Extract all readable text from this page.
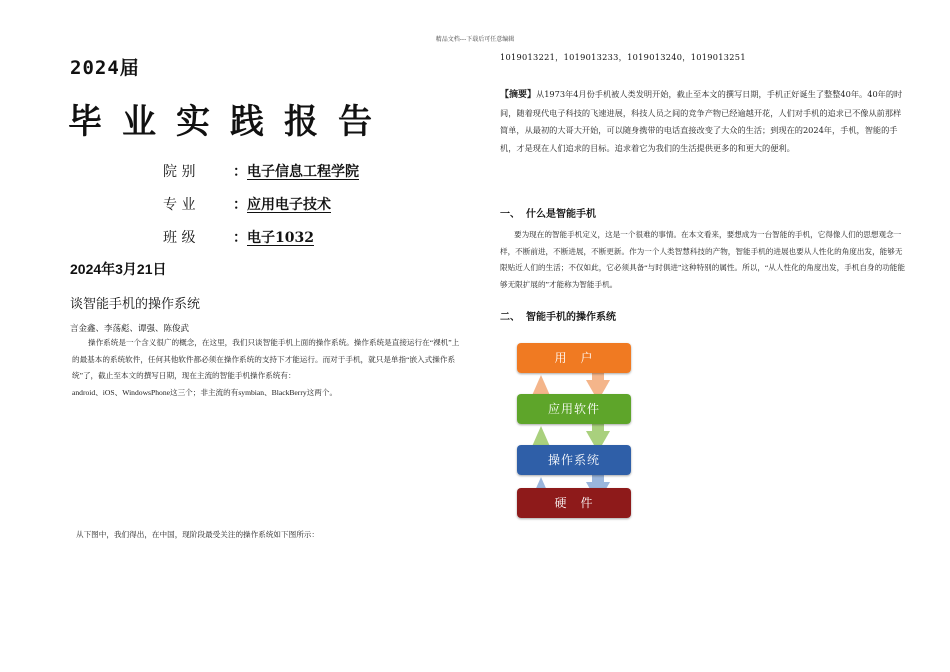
精品文档---下载后可任意编辑
2024届
毕业实践报告
院 别	：电子信息工程学院
专 业	：应用电子技术
班 级	：电子1032
2024年3月21日
谈智能手机的操作系统
言金鑫、李荡彪、谭强、陈俊武
操作系统是一个含义很广的概念，在这里，我们只谈智能手机上面的操作系统。操作系统是直接运行在“裸机”上的最基本的系统软件，任何其他软件都必须在操作系统的支持下才能运行。而对于手机，就只是单指“嵌入式操作系统”了，截止至本文的撰写日期，现在主流的智能手机操作系统有：
android、iOS、WindowsPhone这三个；非主流的有symbian、BlackBerry这两个。
从下图中，我们得出，在中国，现阶段最受关注的操作系统如下图所示：
1019013221，1019013233，1019013240，1019013251
【摘要】从1973年4月份手机被人类发明开始，截止至本文的撰写日期，手机正好诞生了整整40年。40年的时间，随着现代电子科技的飞速进展，科技人员之间的竞争产物已经逾越开花，人们对手机的追求已不像从前那样简单，从最初的大哥大开始，可以随身携带的电话直接改变了大众的生活；到现在的2024年，手机，智能的手机，才是现在人们追求的目标。追求着它为我们的生活提供更多的和更大的便利。
一、 什么是智能手机
要为现在的智能手机定义，这是一个很难的事情。在本文看来，要想成为一台智能的手机，它得像人们的思想观念一样，不断前进，不断进展，不断更新。作为一个人类智慧科技的产物，智能手机的进展也要从人性化的角度出发，能够无限贴近人们的生活；不仅如此，它必须具备“与时俱进”这种特别的属性。所以，“从人性化的角度出发，手机自身的功能能够无限扩展的”才能称为智能手机。
二、 智能手机的操作系统
用　户
应用软件
操作系统
硬　件
